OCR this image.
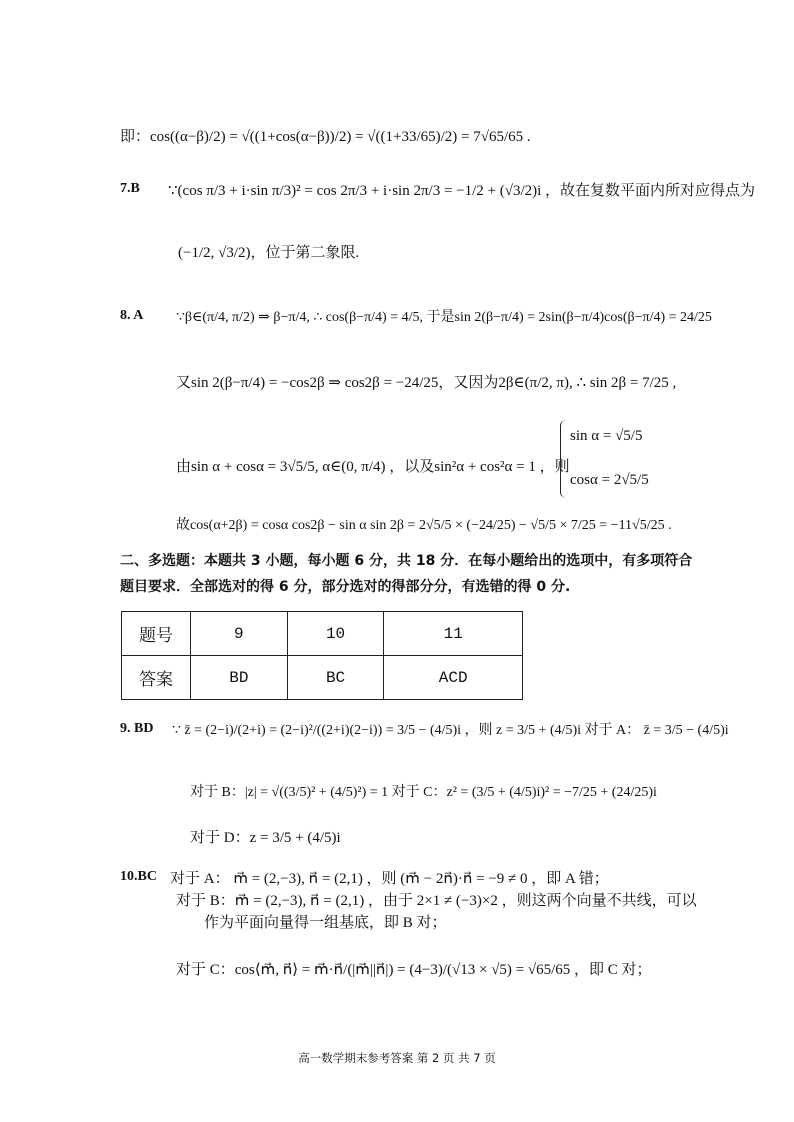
即：cos((α−β)/2) = √((1+cos(α−β))/2) = √((1+33/65)/2) = 7√65/65 .
7.B ∵(cos π/3 + i·sin π/3)² = cos 2π/3 + i·sin 2π/3 = −1/2 + (√3/2)i ，故在复数平面内所对应得点为
(−1/2, √3/2)，位于第二象限.
8. A ∵β∈(π/4, π/2) ⇒ β−π/4, ∴ cos(β−π/4) = 4/5, 于是sin 2(β−π/4) = 2sin(β−π/4)cos(β−π/4) = 24/25
又sin 2(β−π/4) = −cos2β ⇒ cos2β = −24/25，又因为2β∈(π/2, π), ∴ sin 2β = 7/25 ,
由sin α + cosα = 3√5/5, α∈(0, π/4) ，以及sin²α + cos²α = 1 ，则
sin α = √5/5
cosα = 2√5/5
故cos(α+2β) = cosα cos2β − sin α sin 2β = 2√5/5 × (−24/25) − √5/5 × 7/25 = −11√5/25 .
二、多选题：本题共 3 小题，每小题 6 分，共 18 分．在每小题给出的选项中，有多项符合题目要求．全部选对的得 6 分，部分选对的得部分分，有选错的得 0 分.
题号	9	10	11
答案	BD	BC	ACD
9. BD ∵ z̄ = (2−i)/(2+i) = (2−i)²/((2+i)(2−i)) = 3/5 − (4/5)i ，则 z = 3/5 + (4/5)i 对于 A： z̄ = 3/5 − (4/5)i
对于 B：|z| = √((3/5)² + (4/5)²) = 1 对于 C：z² = (3/5 + (4/5)i)² = −7/25 + (24/25)i
对于 D：z = 3/5 + (4/5)i
10.BC 对于 A： m⃗ = (2,−3), n⃗ = (2,1) ，则 (m⃗ − 2n⃗)·n⃗ = −9 ≠ 0 ，即 A 错；
对于 B：m⃗ = (2,−3), n⃗ = (2,1) ，由于 2×1 ≠ (−3)×2 ，则这两个向量不共线，可以
作为平面向量得一组基底，即 B 对；
对于 C：cos⟨m⃗, n⃗⟩ = m⃗·n⃗/(|m⃗||n⃗|) = (4−3)/(√13 × √5) = √65/65 ，即 C 对；
高一数学期末参考答案 第 2 页 共 7 页
